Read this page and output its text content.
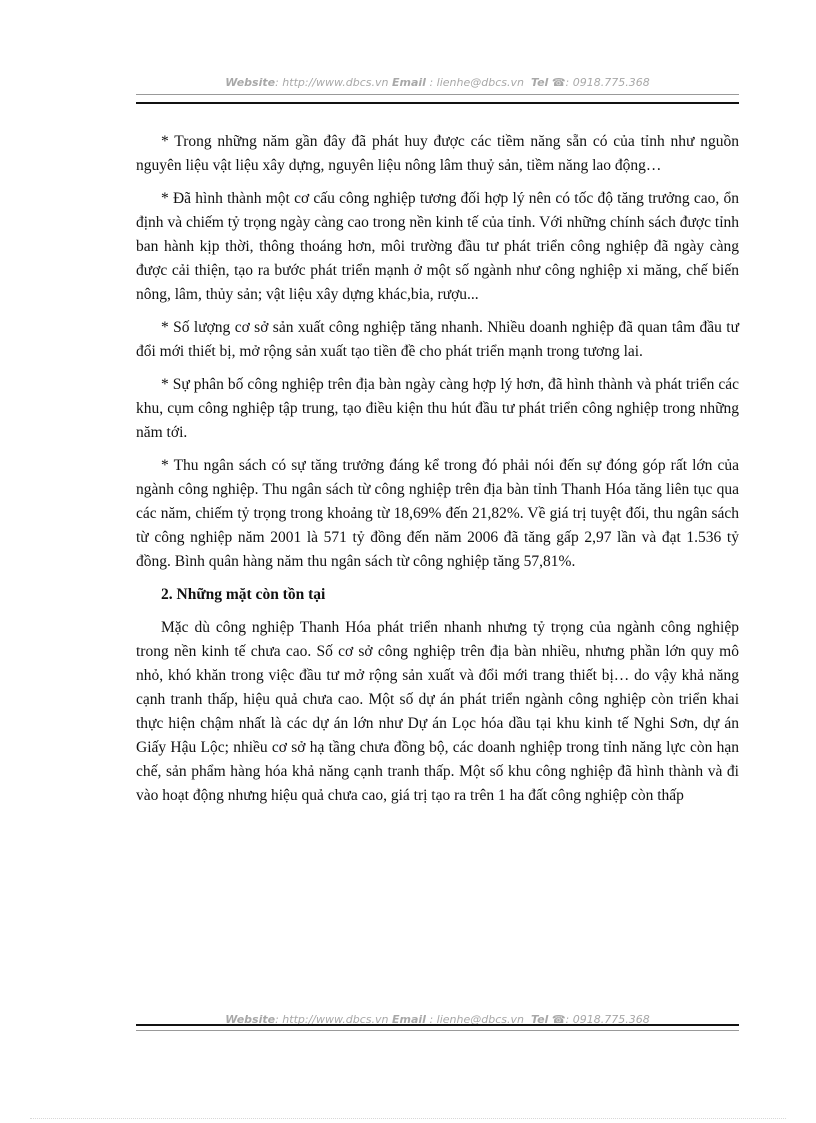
Website: http://www.dbcs.vn Email : lienhe@dbcs.vn Tel ☎: 0918.775.368

* Trong những năm gần đây đã phát huy được các tiềm năng sẵn có của tỉnh như nguồn nguyên liệu vật liệu xây dựng, nguyên liệu nông lâm thuỷ sản, tiềm năng lao động…

* Đã hình thành một cơ cấu công nghiệp tương đối hợp lý nên có tốc độ tăng trưởng cao, ổn định và chiếm tỷ trọng ngày càng cao trong nền kinh tế của tỉnh. Với những chính sách được tỉnh ban hành kịp thời, thông thoáng hơn, môi trường đầu tư phát triển công nghiệp đã ngày càng được cải thiện, tạo ra bước phát triển mạnh ở một số ngành như công nghiệp xi măng, chế biến nông, lâm, thủy sản; vật liệu xây dựng khác,bia, rượu...

* Số lượng cơ sở sản xuất công nghiệp tăng nhanh. Nhiều doanh nghiệp đã quan tâm đầu tư đổi mới thiết bị, mở rộng sản xuất tạo tiền đề cho phát triển mạnh trong tương lai.

* Sự phân bố công nghiệp trên địa bàn ngày càng hợp lý hơn, đã hình thành và phát triển các khu, cụm công nghiệp tập trung, tạo điều kiện thu hút đầu tư phát triển công nghiệp trong những năm tới.

* Thu ngân sách có sự tăng trưởng đáng kể trong đó phải nói đến sự đóng góp rất lớn của ngành công nghiệp. Thu ngân sách từ công nghiệp trên địa bàn tỉnh Thanh Hóa tăng liên tục qua các năm, chiếm tỷ trọng trong khoảng từ 18,69% đến 21,82%. Về giá trị tuyệt đối, thu ngân sách từ công nghiệp năm 2001 là 571 tỷ đồng đến năm 2006 đã tăng gấp 2,97 lần và đạt 1.536 tỷ đồng. Bình quân hàng năm thu ngân sách từ công nghiệp tăng 57,81%.

2. Những mặt còn tồn tại

Mặc dù công nghiệp Thanh Hóa phát triển nhanh nhưng tỷ trọng của ngành công nghiệp trong nền kinh tế chưa cao. Số cơ sở công nghiệp trên địa bàn nhiều, nhưng phần lớn quy mô nhỏ, khó khăn trong việc đầu tư mở rộng sản xuất và đổi mới trang thiết bị… do vậy khả năng cạnh tranh thấp, hiệu quả chưa cao. Một số dự án phát triển ngành công nghiệp còn triển khai thực hiện chậm nhất là các dự án lớn như Dự án Lọc hóa dầu tại khu kinh tế Nghi Sơn, dự án Giấy Hậu Lộc; nhiều cơ sở hạ tầng chưa đồng bộ, các doanh nghiệp trong tỉnh năng lực còn hạn chế, sản phẩm hàng hóa khả năng cạnh tranh thấp. Một số khu công nghiệp đã hình thành và đi vào hoạt động nhưng hiệu quả chưa cao, giá trị tạo ra trên 1 ha đất công nghiệp còn thấp

Website: http://www.dbcs.vn Email : lienhe@dbcs.vn Tel ☎: 0918.775.368
